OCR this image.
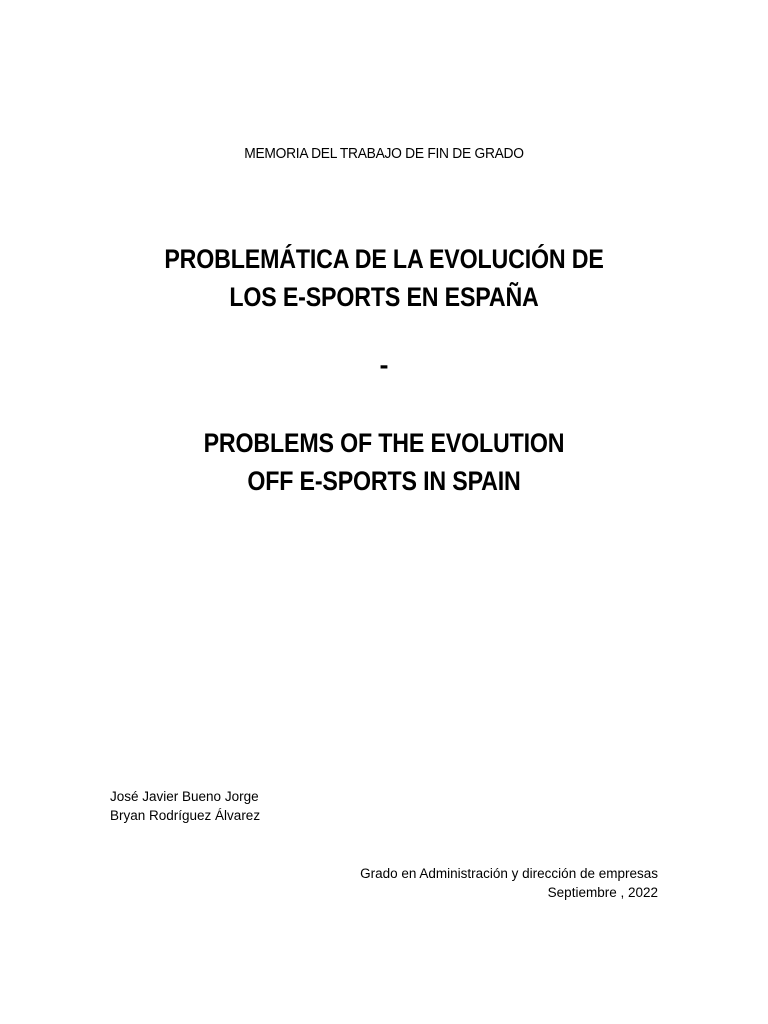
MEMORIA DEL TRABAJO DE FIN DE GRADO
PROBLEMÁTICA DE LA EVOLUCIÓN DE
LOS E-SPORTS EN ESPAÑA
-
PROBLEMS OF THE EVOLUTION
OFF E-SPORTS IN SPAIN
José Javier Bueno Jorge
Bryan Rodríguez Álvarez
Grado en Administración y dirección de empresas
Septiembre , 2022
